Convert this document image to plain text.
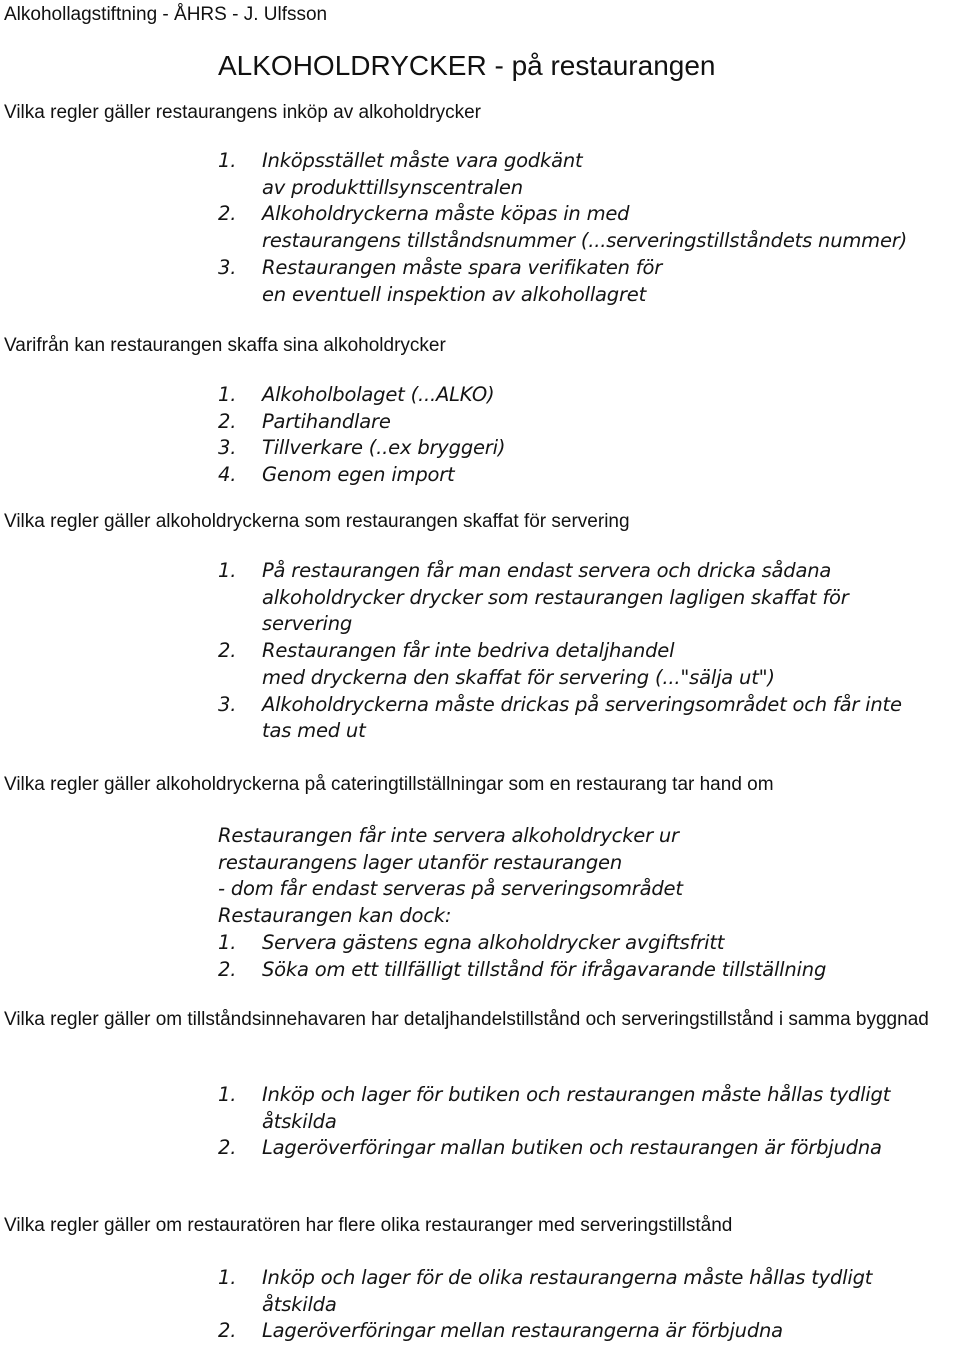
Alkohollagstiftning - ÅHRS - J. Ulfsson
ALKOHOLDRYCKER - på restaurangen
Vilka regler gäller restaurangens inköp av alkoholdrycker
1. Inköpsstället måste vara godkänt
av produkttillsynscentralen
2. Alkoholdryckerna måste köpas in med
restaurangens tillståndsnummer (...serveringstillståndets nummer)
3. Restaurangen måste spara verifikaten för
en eventuell inspektion av alkohollagret
Varifrån kan restaurangen skaffa sina alkoholdrycker
1. Alkoholbolaget (...ALKO)
2. Partihandlare
3. Tillverkare (..ex bryggeri)
4. Genom egen import
Vilka regler gäller alkoholdryckerna som restaurangen skaffat för servering
1. På restaurangen får man endast servera och dricka sådana
alkoholdrycker drycker som restaurangen lagligen skaffat för
servering
2. Restaurangen får inte bedriva detaljhandel
med dryckerna den skaffat för servering (..."sälja ut")
3. Alkoholdryckerna måste drickas på serveringsområdet och får inte
tas med ut
Vilka regler gäller alkoholdryckerna på cateringtillställningar som en restaurang tar hand om
Restaurangen får inte servera alkoholdrycker ur
restaurangens lager utanför restaurangen
- dom får endast serveras på serveringsområdet
Restaurangen kan dock:
1. Servera gästens egna alkoholdrycker avgiftsfritt
2. Söka om ett tillfälligt tillstånd för ifrågavarande tillställning
Vilka regler gäller om tillståndsinnehavaren har detaljhandelstillstånd och serveringstillstånd i samma byggnad
1. Inköp och lager för butiken och restaurangen måste hållas tydligt
åtskilda
2. Lageröverföringar mallan butiken och restaurangen är förbjudna
Vilka regler gäller om restauratören har flere olika restauranger med serveringstillstånd
1. Inköp och lager för de olika restaurangerna måste hållas tydligt
åtskilda
2. Lageröverföringar mellan restaurangerna är förbjudna
